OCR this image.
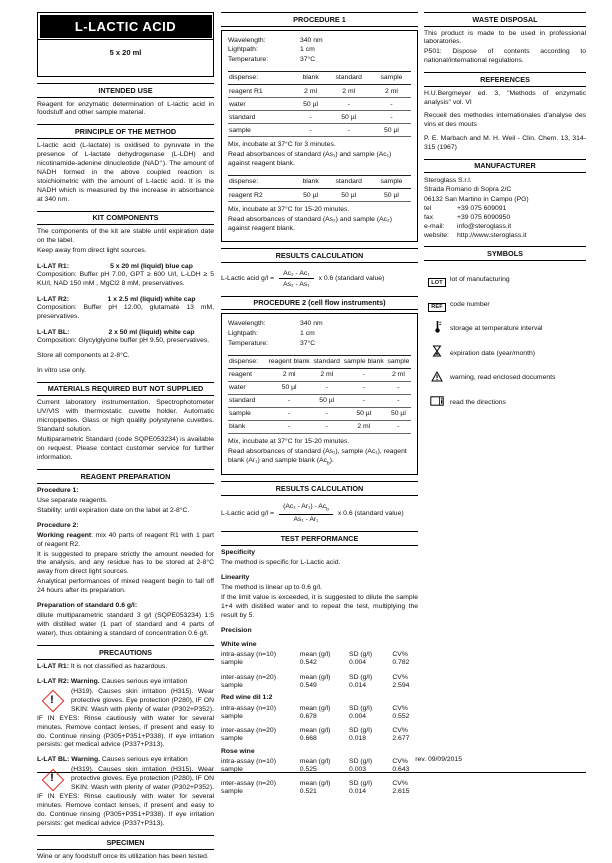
L-LACTIC ACID
5 x 20 ml
INTENDED USE

Reagent for enzymatic determination of L-lactic acid in foodstuff and other sample material.

PRINCIPLE OF THE METHOD

L-lactic acid (L-lactate) is oxidised to pyruvate in the presence of L-lactate dehydrogenase (L-LDH) and nicotinamide-adenine dinucleotide (NAD⁺). The amount of NADH formed in the above coupled reaction is stoichiometric with the amount of L-lactic acid. It is the NADH which is measured by the increase in absorbance at 340 nm.

KIT COMPONENTS

The components of the kit are stable until expiration date on the label.

Keep away from direct light sources.

L-LAT R1:	5 x 20 ml (liquid) blue cap

Composition: Buffer pH 7.00, GPT ≥ 600 U/l, L-LDH ≥ 5 KU/l, NAD 150 mM , MgCl2 8 mM, preservatives.

L-LAT R2:	1 x 2.5 ml (liquid) white cap

Composition: Buffer pH 12.00, glutamate 13 mM, preservatives.

L-LAT BL:	2 x 50 ml (liquid) white cap

Composition: Glycylglycine buffer pH 9.50, preservatives.

Store all components at 2-8°C.

In vitro use only.

MATERIALS REQUIRED BUT NOT SUPPLIED

Current laboratory instrumentation. Spectrophotometer UV/VIS with thermostatic cuvette holder. Automatic micropipettes. Glass or high quality polystyrene cuvettes. Standard solution.

Multiparametric Standard (code SQPE053234) is available on request. Please contact customer service for further information.

REAGENT PREPARATION

Procedure 1:

Use separate reagents.

Stability: until expiration date on the label at 2-8°C.

Procedure 2:

Working reagent: mix 40 parts of reagent R1 with 1 part of reagent R2.

It is suggested to prepare strictly the amount needed for the analysis, and any residue has to be stored at 2-8°C away from direct light sources.

Analytical performances of mixed reagent begin to fall off 24 hours after its preparation.

Preparation of standard 0.6 g/l:

dilute multiparametric standard 3 g/l (SQPE053234) 1:5 with distilled water (1 part of standard and 4 parts of water), thus obtaining a standard of concentration 0.6 g/l.

PRECAUTIONS

L-LAT R1: It is not classified as hazardous.

L-LAT R2: Warning. Causes serious eye irritation

!
(H319). Causes skin irritation (H315). Wear protective gloves. Eye protection (P280), IF ON SKIN: Wash with plenty of water (P302+P352). IF IN EYES: Rinse cautiously with water for several minutes. Remove contact lenses, if present and easy to do. Continue rinsing (P305+P351+P338). If eye irritation persists: get medical advice (P337+P313).

L-LAT BL: Warning. Causes serious eye irritation

!
(H319). Causes skin irritation (H315). Wear protective gloves. Eye protection (P280), IF ON SKIN: Wash with plenty of water (P302+P352). IF IN EYES: Rinse cautiously with water for several minutes. Remove contact lenses, if present and easy to do. Continue rinsing (P305+P351+P338). If eye irritation persists: get medical advice (P337+P313).
SPECIMEN

Wine or any foodstuff once its utilization has been tested.

PROCEDURE 1
Wavelength:	340 nm
Lightpath:	1 cm
Temperature:	37°C
dispense:	blank	standard	sample
reagent R1	2 ml	2 ml	2 ml
water	50 µl	-	-
standard	-	50 µl	-
sample	-	-	50 µl

Mix, incubate at 37°C for 3 minutes.

Read absorbances of standard (As₁) and sample (Ac₁) against reagent blank.

dispense:	blank	standard	sample
reagent R2	50 µl	50 µl	50 µl

Mix, incubate at 37°C for 15-20 minutes.

Read absorbances of standard (As₂) and sample (Ac₂) against reagent blank.

RESULTS CALCULATION
L-Lactic acid $g/l = \frac{\text{Ac₂ - Ac₁}}{\text{As₂ - As₁}}$ x 0.6 (standard value)
PROCEDURE 2 (cell flow instruments)
Wavelength:	340 nm
Lightpath:	1 cm
Temperature:	37°C
dispense:	reagent blank	standard	sample blank	sample
reagent	2 ml	2 ml	-	2 ml
water	50 µl	-	-	-
standard	-	50 µl	-	-
sample	-	-	50 µl	50 µl
blank	-	-	2 ml	-

Mix, incubate at 37°C for 15-20 minutes.

Read absorbances of standard (As₁), sample (Ac₁), reagent blank (Ar₁) and sample blank $(Ac_b)$.

RESULTS CALCULATION
L-Lactic acid $g/l = \frac{(Ac_1 - Ar_1) - Ac_b}{\text{As₁ - Ar₁}}$ x 0.6 (standard value)
TEST PERFORMANCE

Specificity

The method is specific for L-Lactic acid.

Linearity

The method is linear up to 0.6 g/l.

If the limit value is exceeded, it is suggested to dilute the sample 1+4 with distilled water and to repeat the test, multiplying the result by 5.

Precision

White wine

intra-assay (n=10)	mean (g/l)	SD (g/l)	CV%
sample	0.542	0.004	0.782
inter-assay (n=20)	mean (g/l)	SD (g/l)	CV%
sample	0.549	0.014	2.594

Red wine dil 1:2

intra-assay (n=10)	mean (g/l)	SD (g/l)	CV%
sample	0.678	0.004	0.552
inter-assay (n=20)	mean (g/l)	SD (g/l)	CV%
sample	0.668	0.018	2.677

Rose wine

intra-assay (n=10)	mean (g/l)	SD (g/l)	CV%
sample	0.525	0.003	0.643
inter-assay (n=20)	mean (g/l)	SD (g/l)	CV%
sample	0.521	0.014	2.615
WASTE DISPOSAL

This product is made to be used in professional laboratories.

P501: Dispose of contents according to national/international regulations.

REFERENCES

H.U.Bergmeyer ed. 3, "Methods of enzymatic analysis" vol. VI

Recueil des methodes internationales d'analyse des vins et des mouts

P. E. Marbach and M. H. Weil - Clin. Chem. 13, 314-315 (1967)

MANUFACTURER
Steroglass S.r.l.
Strada Romano di Sopra 2/C
06132 San Martino in Campo (PG)
tel	+39 075 609091
fax	+39 075 6090950
e-mail:	info@steroglass.it
website:	http://www.steroglass.it
SYMBOLS
LOT	lot of manufacturing
REF	code number
storage at temperature interval
expiration date (year/month)
warning, read enclosed documents
read the directions
rev. 09/09/2015
